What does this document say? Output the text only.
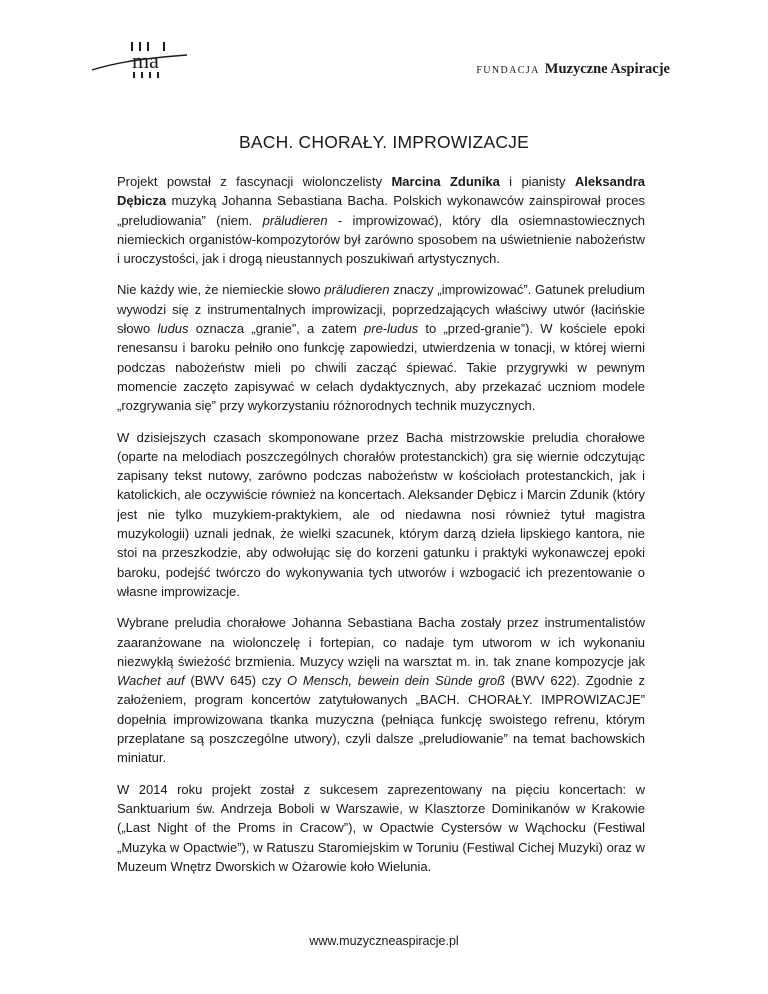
ma	FUNDACJA Muzyczne Aspiracje
BACH. CHORAŁY. IMPROWIZACJE

Projekt powstał z fascynacji wiolonczelisty Marcina Zdunika i pianisty Aleksandra Dębicza muzyką Johanna Sebastiana Bacha. Polskich wykonawców zainspirował proces „preludiowania” (niem. präludieren - improwizować), który dla osiemnastowiecznych niemieckich organistów-kompozytorów był zarówno sposobem na uświetnienie nabożeństw i uroczystości, jak i drogą nieustannych poszukiwań artystycznych.

Nie każdy wie, że niemieckie słowo präludieren znaczy „improwizować”. Gatunek preludium wywodzi się z instrumentalnych improwizacji, poprzedzających właściwy utwór (łacińskie słowo ludus oznacza „granie”, a zatem pre-ludus to „przed-granie”). W kościele epoki renesansu i baroku pełniło ono funkcję zapowiedzi, utwierdzenia w tonacji, w której wierni podczas nabożeństw mieli po chwili zacząć śpiewać. Takie przygrywki w pewnym momencie zaczęto zapisywać w celach dydaktycznych, aby przekazać uczniom modele „rozgrywania się” przy wykorzystaniu różnorodnych technik muzycznych.

W dzisiejszych czasach skomponowane przez Bacha mistrzowskie preludia chorałowe (oparte na melodiach poszczególnych chorałów protestanckich) gra się wiernie odczytując zapisany tekst nutowy, zarówno podczas nabożeństw w kościołach protestanckich, jak i katolickich, ale oczywiście również na koncertach. Aleksander Dębicz i Marcin Zdunik (który jest nie tylko muzykiem-praktykiem, ale od niedawna nosi również tytuł magistra muzykologii) uznali jednak, że wielki szacunek, którym darzą dzieła lipskiego kantora, nie stoi na przeszkodzie, aby odwołując się do korzeni gatunku i praktyki wykonawczej epoki baroku, podejść twórczo do wykonywania tych utworów i wzbogacić ich prezentowanie o własne improwizacje.

Wybrane preludia chorałowe Johanna Sebastiana Bacha zostały przez instrumentalistów zaaranżowane na wiolonczelę i fortepian, co nadaje tym utworom w ich wykonaniu niezwykłą świeżość brzmienia. Muzycy wzięli na warsztat m. in. tak znane kompozycje jak Wachet auf (BWV 645) czy O Mensch, bewein dein Sünde groß (BWV 622). Zgodnie z założeniem, program koncertów zatytułowanych „BACH. CHORAŁY. IMPROWIZACJE” dopełnia improwizowana tkanka muzyczna (pełniąca funkcję swoistego refrenu, którym przeplatane są poszczególne utwory), czyli dalsze „preludiowanie” na temat bachowskich miniatur.

W 2014 roku projekt został z sukcesem zaprezentowany na pięciu koncertach: w Sanktuarium św. Andrzeja Boboli w Warszawie, w Klasztorze Dominikanów w Krakowie („Last Night of the Proms in Cracow”), w Opactwie Cystersów w Wąchocku (Festiwal „Muzyka w Opactwie”), w Ratuszu Staromiejskim w Toruniu (Festiwal Cichej Muzyki) oraz w Muzeum Wnętrz Dworskich w Ożarowie koło Wielunia.

www.muzyczneaspiracje.pl
